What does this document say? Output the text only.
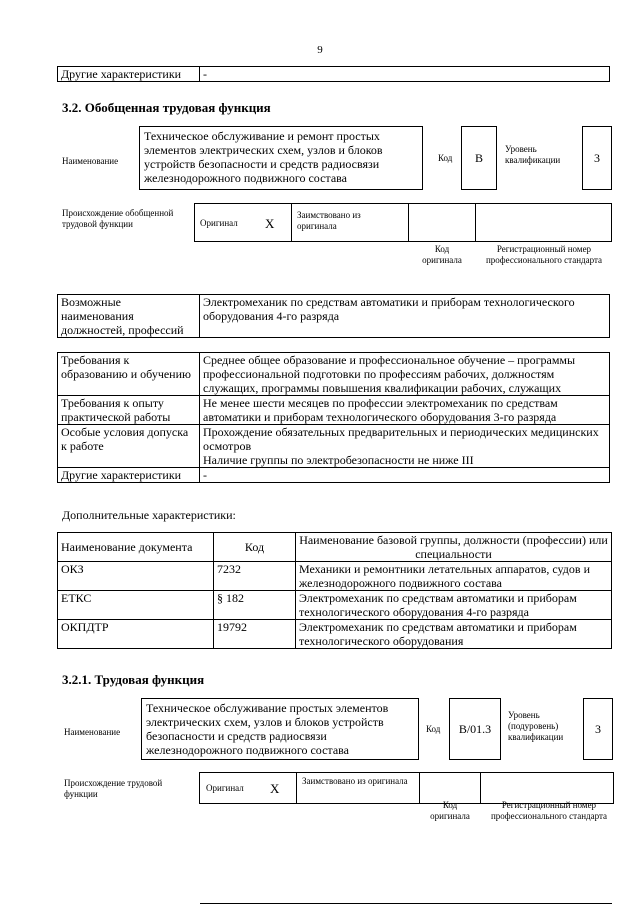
9
Другие характеристики	-
3.2. Обобщенная трудовая функция
Наименование
Техническое обслуживание и ремонт простых элементов электрических схем, узлов и блоков устройств безопасности и средств радиосвязи железнодорожного подвижного состава
Код	B
Уровень квалификации	3
Происхождение обобщенной трудовой функции	Оригинал X
Заимствовано из оригинала
Код оригинала
Регистрационный номер профессионального стандарта
Возможные наименования должностей, профессий	Электромеханик по средствам автоматики и приборам технологического оборудования 4-го разряда
Требования к образованию и обучению	Среднее общее образование и профессиональное обучение – программы профессиональной подготовки по профессиям рабочих, должностям служащих, программы повышения квалификации рабочих, служащих
Требования к опыту практической работы	Не менее шести месяцев по профессии электромеханик по средствам автоматики и приборам технологического оборудования 3-го разряда
Особые условия допуска к работе	Прохождение обязательных предварительных и периодических медицинских осмотров
Наличие группы по электробезопасности не ниже III

Другие характеристики	-
Дополнительные характеристики:
Наименование документа	Код	Наименование базовой группы, должности (профессии) или специальности
ОКЗ	7232	Механики и ремонтники летательных аппаратов, судов и железнодорожного подвижного состава
ЕТКС	§ 182	Электромеханик по средствам автоматики и приборам технологического оборудования 4-го разряда
ОКПДТР	19792	Электромеханик по средствам автоматики и приборам технологического оборудования
3.2.1. Трудовая функция
Наименование
Техническое обслуживание простых элементов электрических схем, узлов и блоков устройств безопасности и средств радиосвязи железнодорожного подвижного состава
Код	B/01.3
Уровень (подуровень) квалификации
3
Происхождение трудовой функции
Оригинал X	Заимствовано из оригинала
Код оригинала
Регистрационный номер профессионального стандарта
